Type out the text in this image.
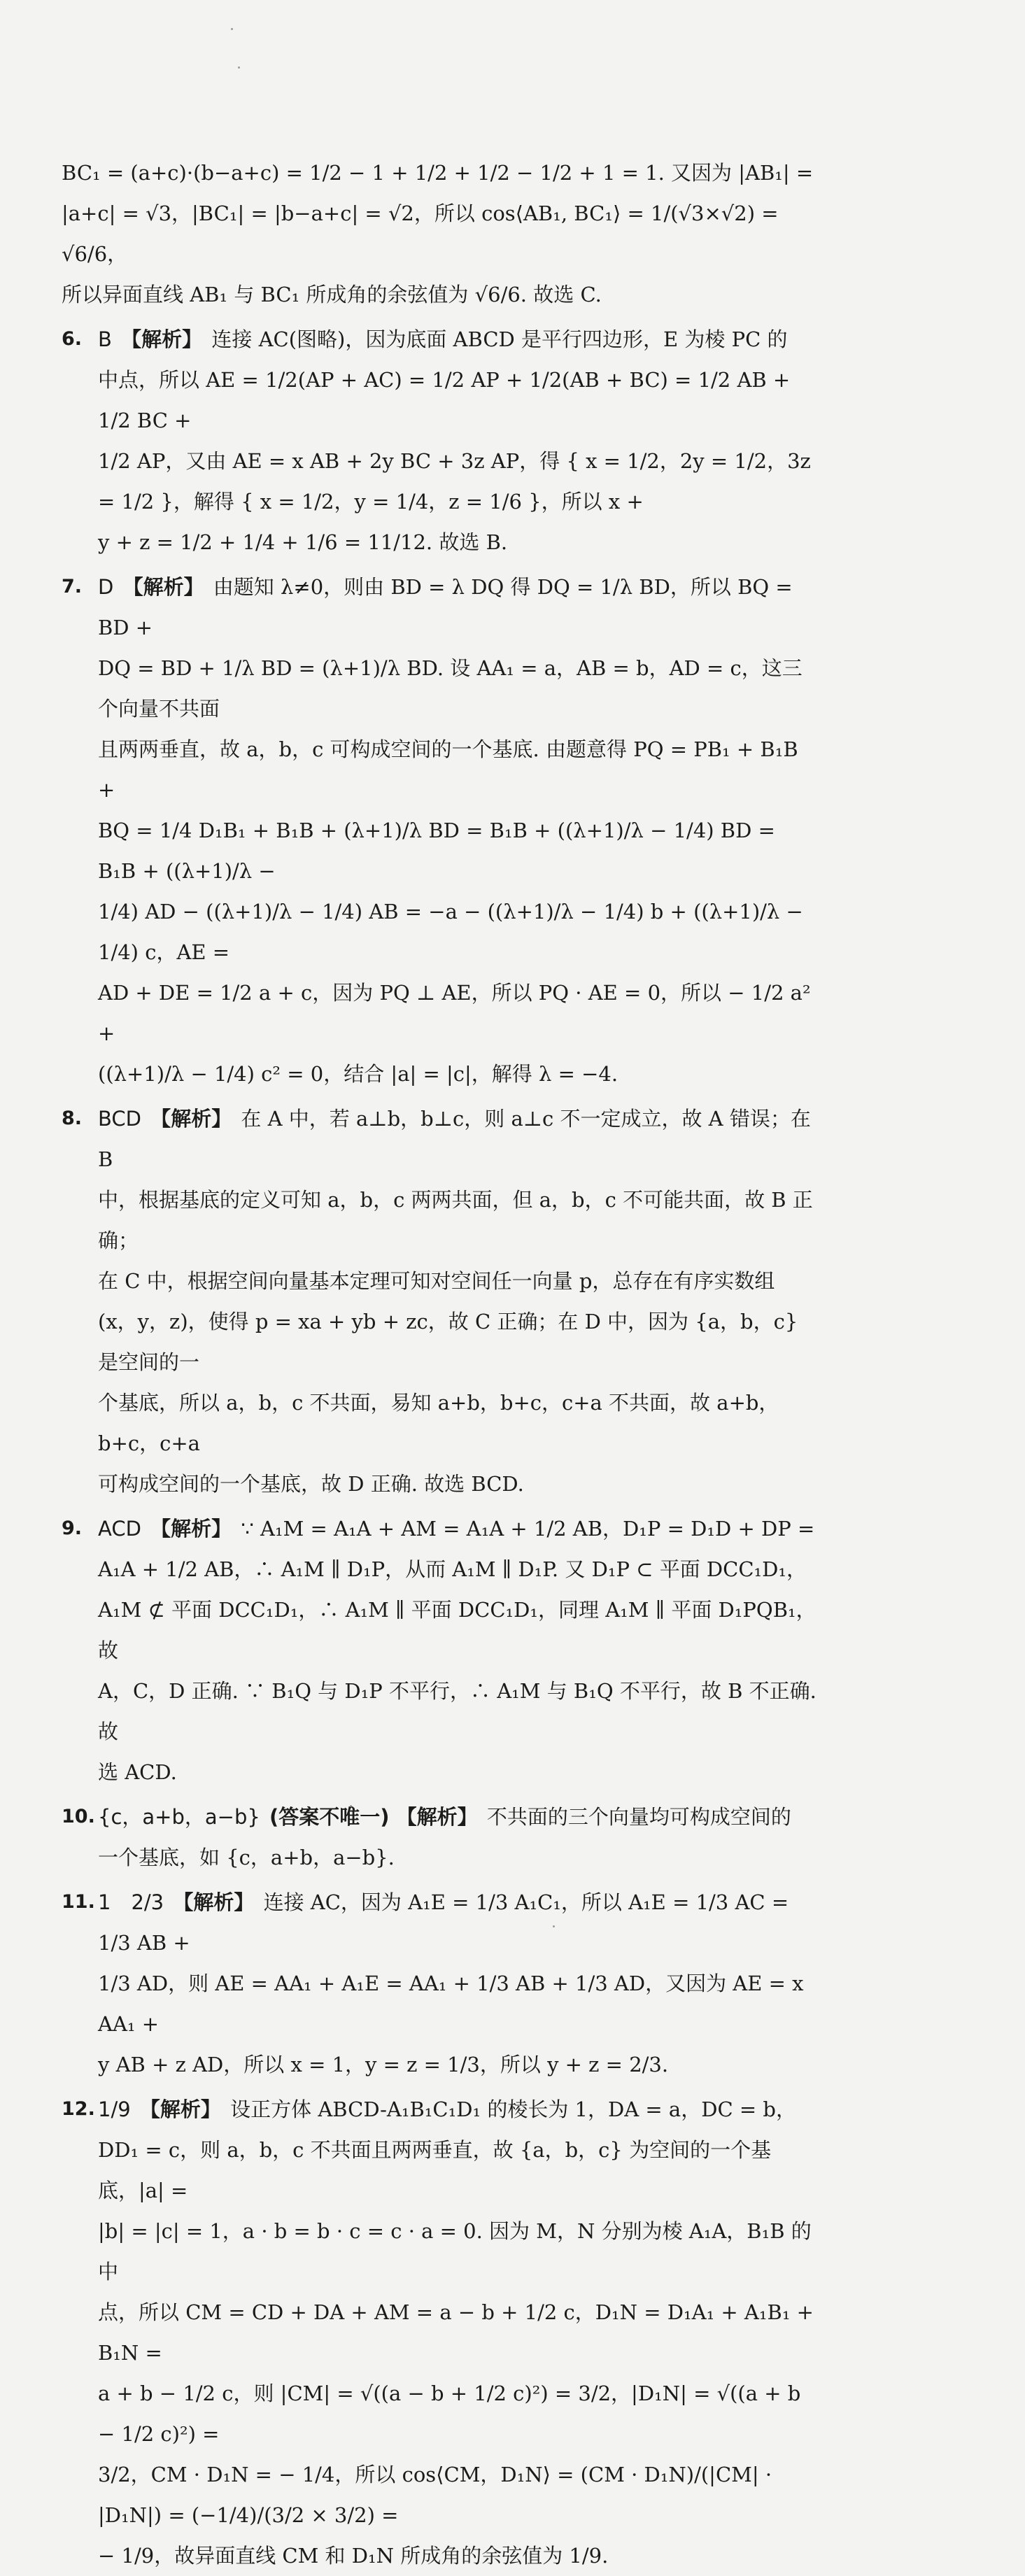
BC₁ = (a+c)·(b−a+c) = 1/2 − 1 + 1/2 + 1/2 − 1/2 + 1 = 1. 又因为 |AB₁| =

|a+c| = √3，|BC₁| = |b−a+c| = √2，所以 cos⟨AB₁, BC₁⟩ = 1/(√3×√2) = √6/6，

所以异面直线 AB₁ 与 BC₁ 所成角的余弦值为 √6/6. 故选 C.

6. B 【解析】 连接 AC(图略)，因为底面 ABCD 是平行四边形，E 为棱 PC 的

中点，所以 AE = 1/2(AP + AC) = 1/2 AP + 1/2(AB + BC) = 1/2 AB + 1/2 BC +

1/2 AP，又由 AE = x AB + 2y BC + 3z AP，得 { x = 1/2，2y = 1/2，3z = 1/2 }，解得 { x = 1/2，y = 1/4，z = 1/6 }，所以 x +

y + z = 1/2 + 1/4 + 1/6 = 11/12. 故选 B.

7. D 【解析】 由题知 λ≠0，则由 BD = λ DQ 得 DQ = 1/λ BD，所以 BQ = BD +

DQ = BD + 1/λ BD = (λ+1)/λ BD. 设 AA₁ = a，AB = b，AD = c，这三个向量不共面

且两两垂直，故 a，b，c 可构成空间的一个基底. 由题意得 PQ = PB₁ + B₁B +

BQ = 1/4 D₁B₁ + B₁B + (λ+1)/λ BD = B₁B + ((λ+1)/λ − 1/4) BD = B₁B + ((λ+1)/λ −

1/4) AD − ((λ+1)/λ − 1/4) AB = −a − ((λ+1)/λ − 1/4) b + ((λ+1)/λ − 1/4) c，AE =

AD + DE = 1/2 a + c，因为 PQ ⊥ AE，所以 PQ · AE = 0，所以 − 1/2 a² +

((λ+1)/λ − 1/4) c² = 0，结合 |a| = |c|，解得 λ = −4.

8. BCD 【解析】 在 A 中，若 a⊥b，b⊥c，则 a⊥c 不一定成立，故 A 错误；在 B

中，根据基底的定义可知 a，b，c 两两共面，但 a，b，c 不可能共面，故 B 正确；

在 C 中，根据空间向量基本定理可知对空间任一向量 p，总存在有序实数组

(x，y，z)，使得 p = xa + yb + zc，故 C 正确；在 D 中，因为 {a，b，c} 是空间的一

个基底，所以 a，b，c 不共面，易知 a+b，b+c，c+a 不共面，故 a+b，b+c，c+a

可构成空间的一个基底，故 D 正确. 故选 BCD.

9. ACD 【解析】 ∵ A₁M = A₁A + AM = A₁A + 1/2 AB，D₁P = D₁D + DP =

A₁A + 1/2 AB，∴ A₁M ∥ D₁P，从而 A₁M ∥ D₁P. 又 D₁P ⊂ 平面 DCC₁D₁，

A₁M ⊄ 平面 DCC₁D₁，∴ A₁M ∥ 平面 DCC₁D₁，同理 A₁M ∥ 平面 D₁PQB₁，故

A，C，D 正确. ∵ B₁Q 与 D₁P 不平行，∴ A₁M 与 B₁Q 不平行，故 B 不正确. 故

选 ACD.

10. {c，a+b，a−b} (答案不唯一) 【解析】 不共面的三个向量均可构成空间的

一个基底，如 {c，a+b，a−b}.

11. 1　2/3 【解析】 连接 AC，因为 A₁E = 1/3 A₁C₁，所以 A₁E = 1/3 AC = 1/3 AB +

1/3 AD，则 AE = AA₁ + A₁E = AA₁ + 1/3 AB + 1/3 AD，又因为 AE = x AA₁ +

y AB + z AD，所以 x = 1，y = z = 1/3，所以 y + z = 2/3.

12. 1/9 【解析】 设正方体 ABCD-A₁B₁C₁D₁ 的棱长为 1，DA = a，DC = b，

DD₁ = c，则 a，b，c 不共面且两两垂直，故 {a，b，c} 为空间的一个基底，|a| =

|b| = |c| = 1，a · b = b · c = c · a = 0. 因为 M，N 分别为棱 A₁A，B₁B 的中

点，所以 CM = CD + DA + AM = a − b + 1/2 c，D₁N = D₁A₁ + A₁B₁ + B₁N =

a + b − 1/2 c，则 |CM| = √((a − b + 1/2 c)²) = 3/2，|D₁N| = √((a + b − 1/2 c)²) =

3/2，CM · D₁N = − 1/4，所以 cos⟨CM，D₁N⟩ = (CM · D₁N)/(|CM| · |D₁N|) = (−1/4)/(3/2 × 3/2) =

− 1/9，故异面直线 CM 和 D₁N 所成角的余弦值为 1/9.
